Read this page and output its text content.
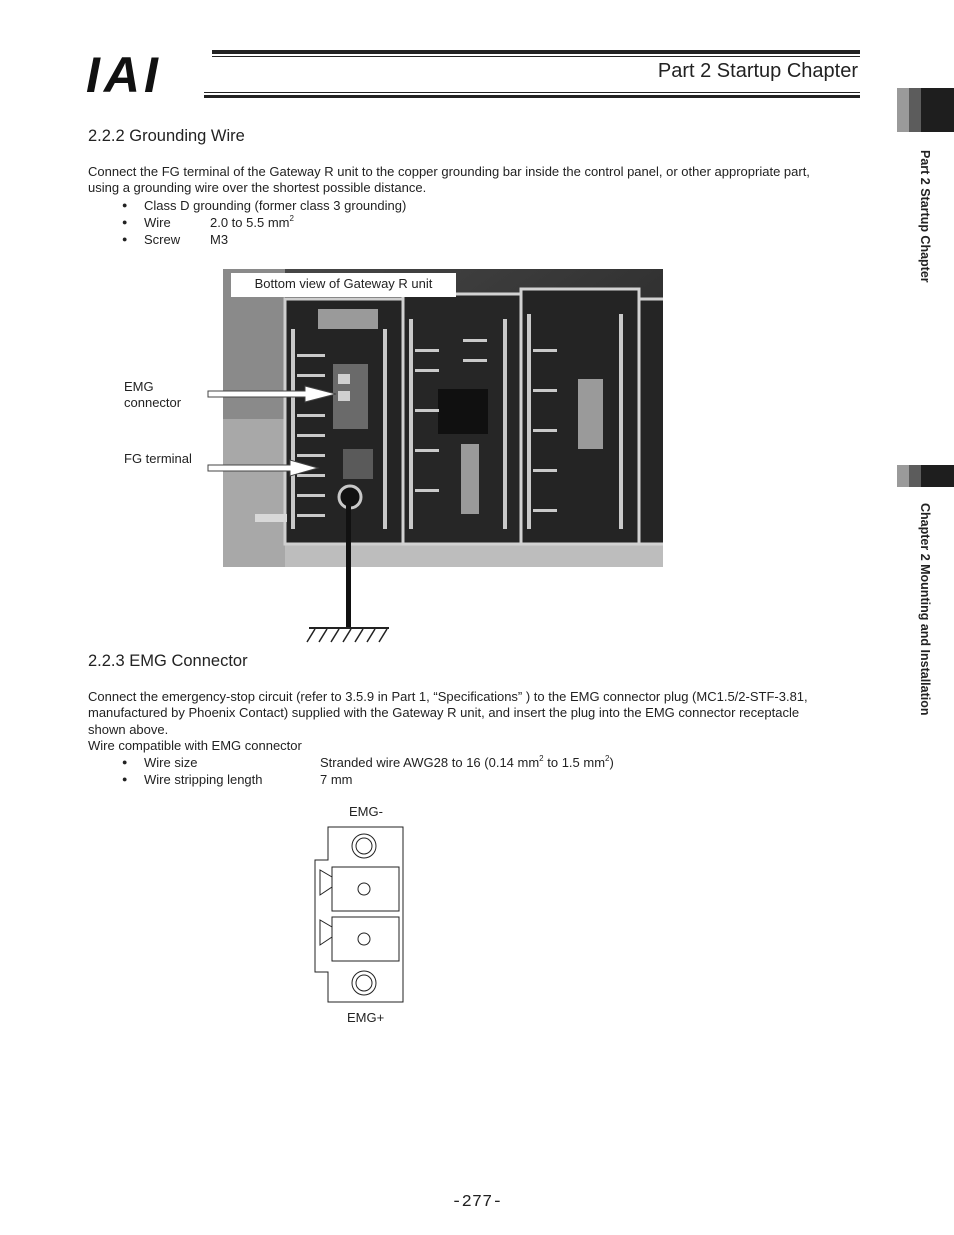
IAI	Part 2 Startup Chapter
Part 2 Startup Chapter
Chapter 2 Mounting and Installation
2.2.2 Grounding Wire
Connect the FG terminal of the Gateway R unit to the copper grounding bar inside the control panel, or other appropriate part,
using a grounding wire over the shortest possible distance.
● Class D grounding (former class 3 grounding)
● Wire	2.0 to 5.5 $mm^2$
● Screw M3
Bottom view of Gateway R unit
EMG
connector
FG terminal
2.2.3 EMG Connector
Connect the emergency-stop circuit (refer to 3.5.9 in Part 1, “Specifications” ) to the EMG connector plug (MC1.5/2-STF-3.81,
manufactured by Phoenix Contact) supplied with the Gateway R unit, and insert the plug into the EMG connector receptacle
shown above.
Wire compatible with EMG connector
● Wire size	Stranded wire AWG28 to 16 (0.14 $mm^2$ to 1.5 $mm^2$)
● Wire stripping length	7 mm
EMG-
EMG+
-277-
